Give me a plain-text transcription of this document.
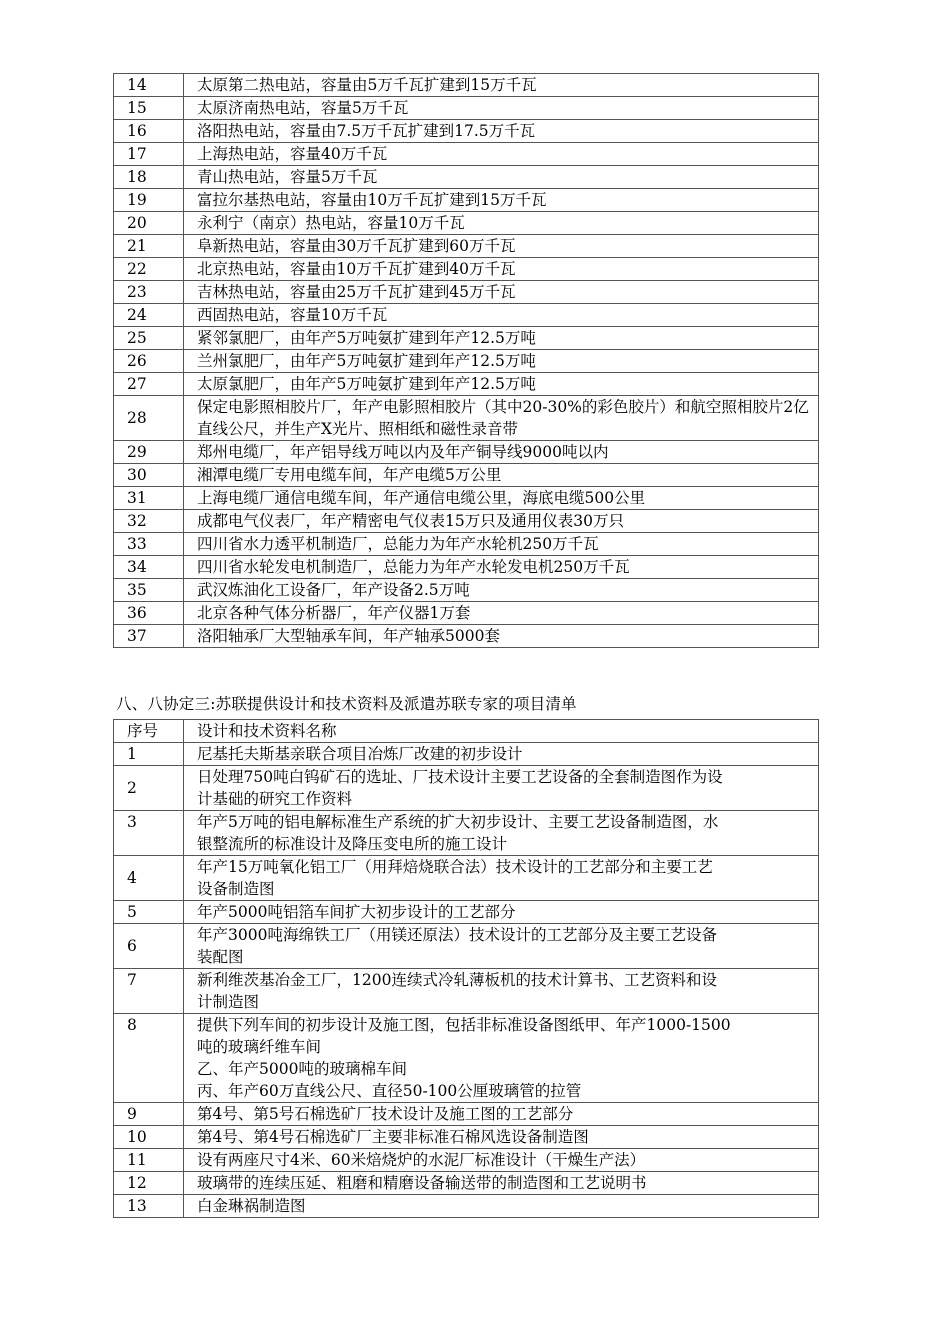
14	太原第二热电站，容量由5万千瓦扩建到15万千瓦
15	太原济南热电站，容量5万千瓦
16	洛阳热电站，容量由7.5万千瓦扩建到17.5万千瓦
17	上海热电站，容量40万千瓦
18	青山热电站，容量5万千瓦
19	富拉尔基热电站，容量由10万千瓦扩建到15万千瓦
20	永利宁（南京）热电站，容量10万千瓦
21	阜新热电站，容量由30万千瓦扩建到60万千瓦
22	北京热电站，容量由10万千瓦扩建到40万千瓦
23	吉林热电站，容量由25万千瓦扩建到45万千瓦
24	西固热电站，容量10万千瓦
25	紧邻氯肥厂，由年产5万吨氨扩建到年产12.5万吨
26	兰州氯肥厂，由年产5万吨氨扩建到年产12.5万吨
27	太原氯肥厂，由年产5万吨氨扩建到年产12.5万吨
28	保定电影照相胶片厂，年产电影照相胶片（其中20-30%的彩色胶片）和航空照相胶片2亿直线公尺，并生产X光片、照相纸和磁性录音带
29	郑州电缆厂，年产铝导线万吨以内及年产铜导线9000吨以内
30	湘潭电缆厂专用电缆车间，年产电缆5万公里
31	上海电缆厂通信电缆车间，年产通信电缆公里，海底电缆500公里
32	成都电气仪表厂，年产精密电气仪表15万只及通用仪表30万只
33	四川省水力透平机制造厂，总能力为年产水轮机250万千瓦
34	四川省水轮发电机制造厂，总能力为年产水轮发电机250万千瓦
35	武汉炼油化工设备厂，年产设备2.5万吨
36	北京各种气体分析器厂，年产仪器1万套
37	洛阳轴承厂大型轴承车间，年产轴承5000套
八、八协定三:苏联提供设计和技术资料及派遣苏联专家的项目清单
序号	设计和技术资料名称
1	尼基托夫斯基亲联合项目冶炼厂改建的初步设计

2	日处理750吨白钨矿石的选址、厂技术设计主要工艺设备的全套制造图作为设
计基础的研究工作资料

3	年产5万吨的铝电解标准生产系统的扩大初步设计、主要工艺设备制造图，水
银整流所的标准设计及降压变电所的施工设计

4	年产15万吨氧化铝工厂（用拜焙烧联合法）技术设计的工艺部分和主要工艺
设备制造图

5	年产5000吨铝箔车间扩大初步设计的工艺部分

6	年产3000吨海绵铁工厂（用镁还原法）技术设计的工艺部分及主要工艺设备
装配图

7	新利维茨基冶金工厂，1200连续式冷轧薄板机的技术计算书、工艺资料和设
计制造图

8	提供下列车间的初步设计及施工图，包括非标准设备图纸甲、年产1000-1500
吨的玻璃纤维车间
乙、年产5000吨的玻璃棉车间
丙、年产60万直线公尺、直径50-100公厘玻璃管的拉管

9	第4号、第5号石棉选矿厂技术设计及施工图的工艺部分

10	第4号、第4号石棉选矿厂主要非标准石棉风选设备制造图

11	设有两座尺寸4米、60米焙烧炉的水泥厂标准设计（干燥生产法）

12	玻璃带的连续压延、粗磨和精磨设备输送带的制造图和工艺说明书

13	白金琳祸制造图
